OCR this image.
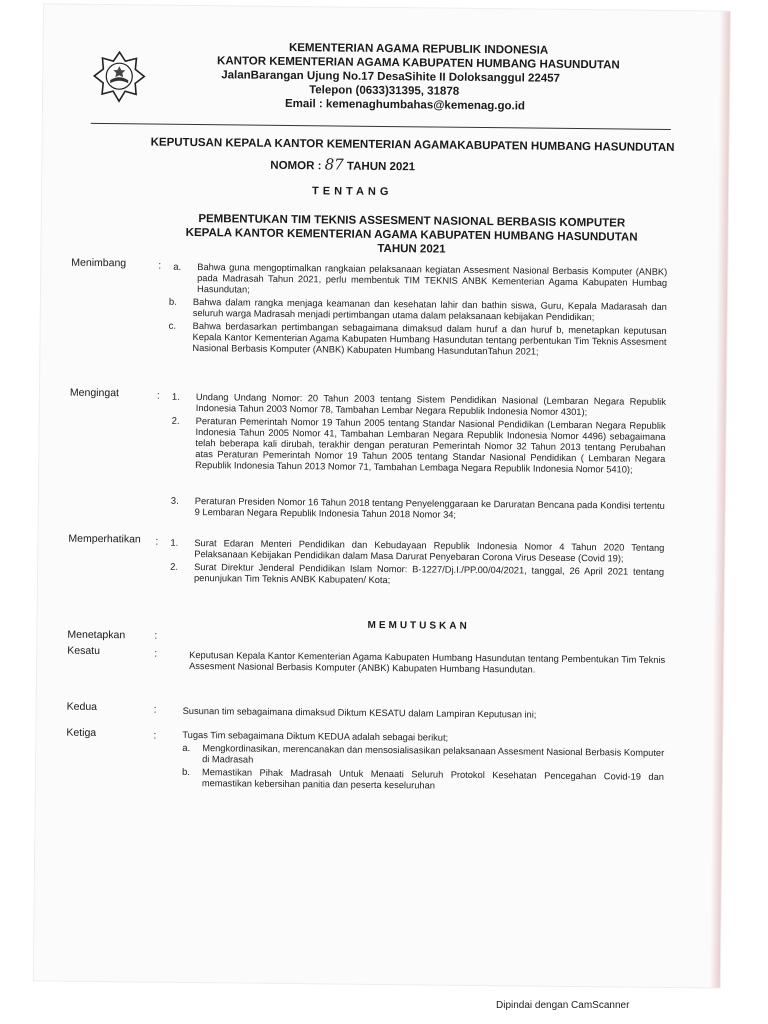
KEMENTERIAN AGAMA REPUBLIK INDONESIA
KANTOR KEMENTERIAN AGAMA KABUPATEN HUMBANG HASUNDUTAN
JalanBarangan Ujung No.17 DesaSihite II Doloksanggul 22457
Telepon (0633)31395, 31878
Email : kemenaghumbahas@kemenag.go.id
KEPUTUSAN KEPALA KANTOR KEMENTERIAN AGAMAKABUPATEN HUMBANG HASUNDUTAN
NOMOR : 87 TAHUN 2021
TENTANG
PEMBENTUKAN TIM TEKNIS ASSESMENT NASIONAL BERBASIS KOMPUTER
KEPALA KANTOR KEMENTERIAN AGAMA KABUPATEN HUMBANG HASUNDUTAN
TAHUN 2021
Menimbang	: a. Bahwa guna mengoptimalkan rangkaian pelaksanaan kegiatan Assesment Nasional Berbasis Komputer (ANBK) pada Madrasah Tahun 2021, perlu membentuk TIM TEKNIS ANBK Kementerian Agama Kabupaten Humbag Hasundutan;
b. Bahwa dalam rangka menjaga keamanan dan kesehatan lahir dan bathin siswa, Guru, Kepala Madarasah dan seluruh warga Madrasah menjadi pertimbangan utama dalam pelaksanaan kebijakan Pendidikan;
c. Bahwa berdasarkan pertimbangan sebagaimana dimaksud dalam huruf a dan huruf b, menetapkan keputusan Kepala Kantor Kementerian Agama Kabupaten Humbang Hasundutan tentang perbentukan Tim Teknis Assesment Nasional Berbasis Komputer (ANBK) Kabupaten Humbang HasundutanTahun 2021;
Mengingat	: 1. Undang Undang Nomor: 20 Tahun 2003 tentang Sistem Pendidikan Nasional (Lembaran Negara Republik Indonesia Tahun 2003 Nomor 78, Tambahan Lembar Negara Republik Indonesia Nomor 4301);
2. Peraturan Pemerintah Nomor 19 Tahun 2005 tentang Standar Nasional Pendidikan (Lembaran Negara Republik Indonesia Tahun 2005 Nomor 41, Tambahan Lembaran Negara Republik Indonesia Nomor 4496) sebagaimana telah beberapa kali dirubah, terakhir dengan peraturan Pemerintah Nomor 32 Tahun 2013 tentang Perubahan atas Peraturan Pemerintah Nomor 19 Tahun 2005 tentang Standar Nasional Pendidikan ( Lembaran Negara Republik Indonesia Tahun 2013 Nomor 71, Tambahan Lembaga Negara Republik Indonesia Nomor 5410);
3. Peraturan Presiden Nomor 16 Tahun 2018 tentang Penyelenggaraan ke Daruratan Bencana pada Kondisi tertentu 9 Lembaran Negara Republik Indonesia Tahun 2018 Nomor 34;
Memperhatikan : 1. Surat Edaran Menteri Pendidikan dan Kebudayaan Republik Indonesia Nomor 4 Tahun 2020 Tentang Pelaksanaan Kebijakan Pendidikan dalam Masa Darurat Penyebaran Corona Virus Desease (Covid 19);
2. Surat Direktur Jenderal Pendidikan Islam Nomor: B-1227/Dj.I./PP.00/04/2021, tanggal, 26 April 2021 tentang penunjukan Tim Teknis ANBK Kabupaten/ Kota;
MEMUTUSKAN
Menetapkan	:
Kesatu	:	Keputusan Kepala Kantor Kementerian Agama Kabupaten Humbang Hasundutan tentang Pembentukan Tim Teknis Assesment Nasional Berbasis Komputer (ANBK) Kabupaten Humbang Hasundutan.
Kedua	:	Susunan tim sebagaimana dimaksud Diktum KESATU dalam Lampiran Keputusan ini;
Ketiga	:	Tugas Tim sebagaimana Diktum KEDUA adalah sebagai berikut;
a. Mengkordinasikan, merencanakan dan mensosialisasikan pelaksanaan Assesment Nasional Berbasis Komputer di Madrasah
b. Memastikan Pihak Madrasah Untuk Menaati Seluruh Protokol Kesehatan Pencegahan Covid-19 dan memastikan kebersihan panitia dan peserta keseluruhan
Dipindai dengan CamScanner
